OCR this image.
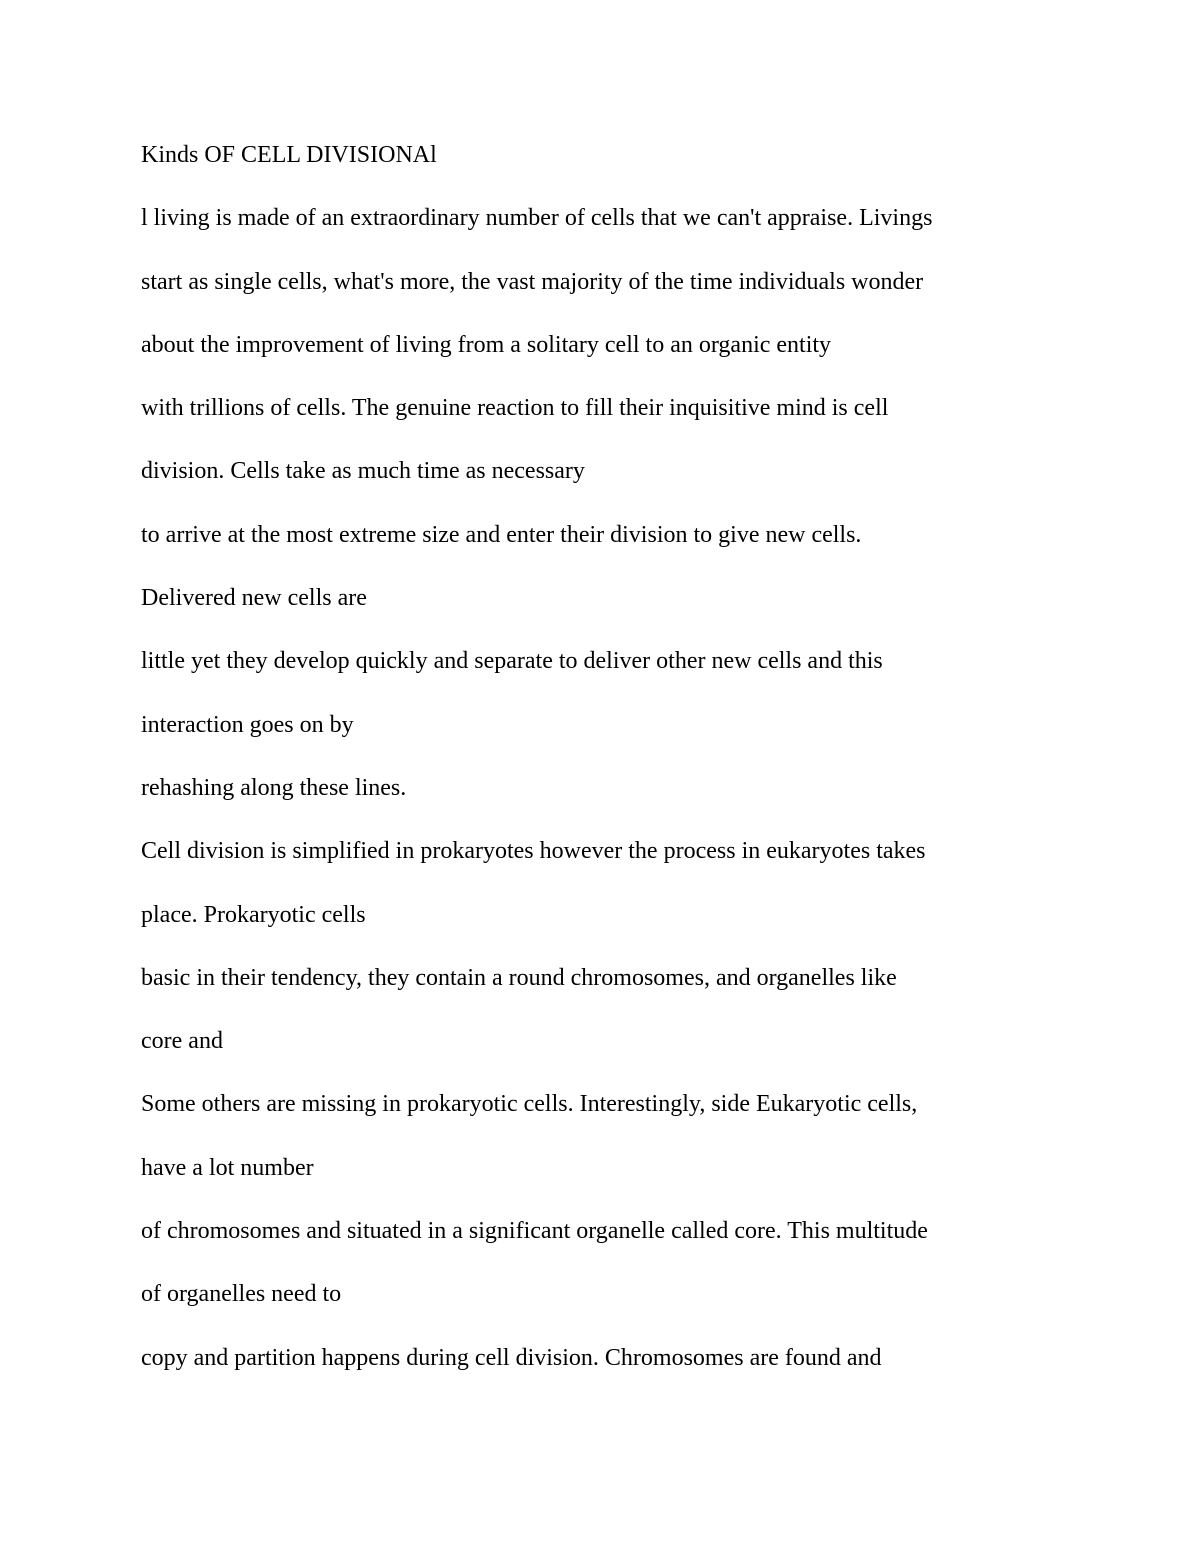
Kinds OF CELL DIVISIONAl
l living is made of an extraordinary number of cells that we can't appraise. Livings
start as single cells, what's more, the vast majority of the time individuals wonder
about the improvement of living from a solitary cell to an organic entity
with trillions of cells. The genuine reaction to fill their inquisitive mind is cell
division. Cells take as much time as necessary
to arrive at the most extreme size and enter their division to give new cells.
Delivered new cells are
little yet they develop quickly and separate to deliver other new cells and this
interaction goes on by
rehashing along these lines.
Cell division is simplified in prokaryotes however the process in eukaryotes takes
place. Prokaryotic cells
basic in their tendency, they contain a round chromosomes, and organelles like
core and
Some others are missing in prokaryotic cells. Interestingly, side Eukaryotic cells,
have a lot number
of chromosomes and situated in a significant organelle called core. This multitude
of organelles need to
copy and partition happens during cell division. Chromosomes are found and
